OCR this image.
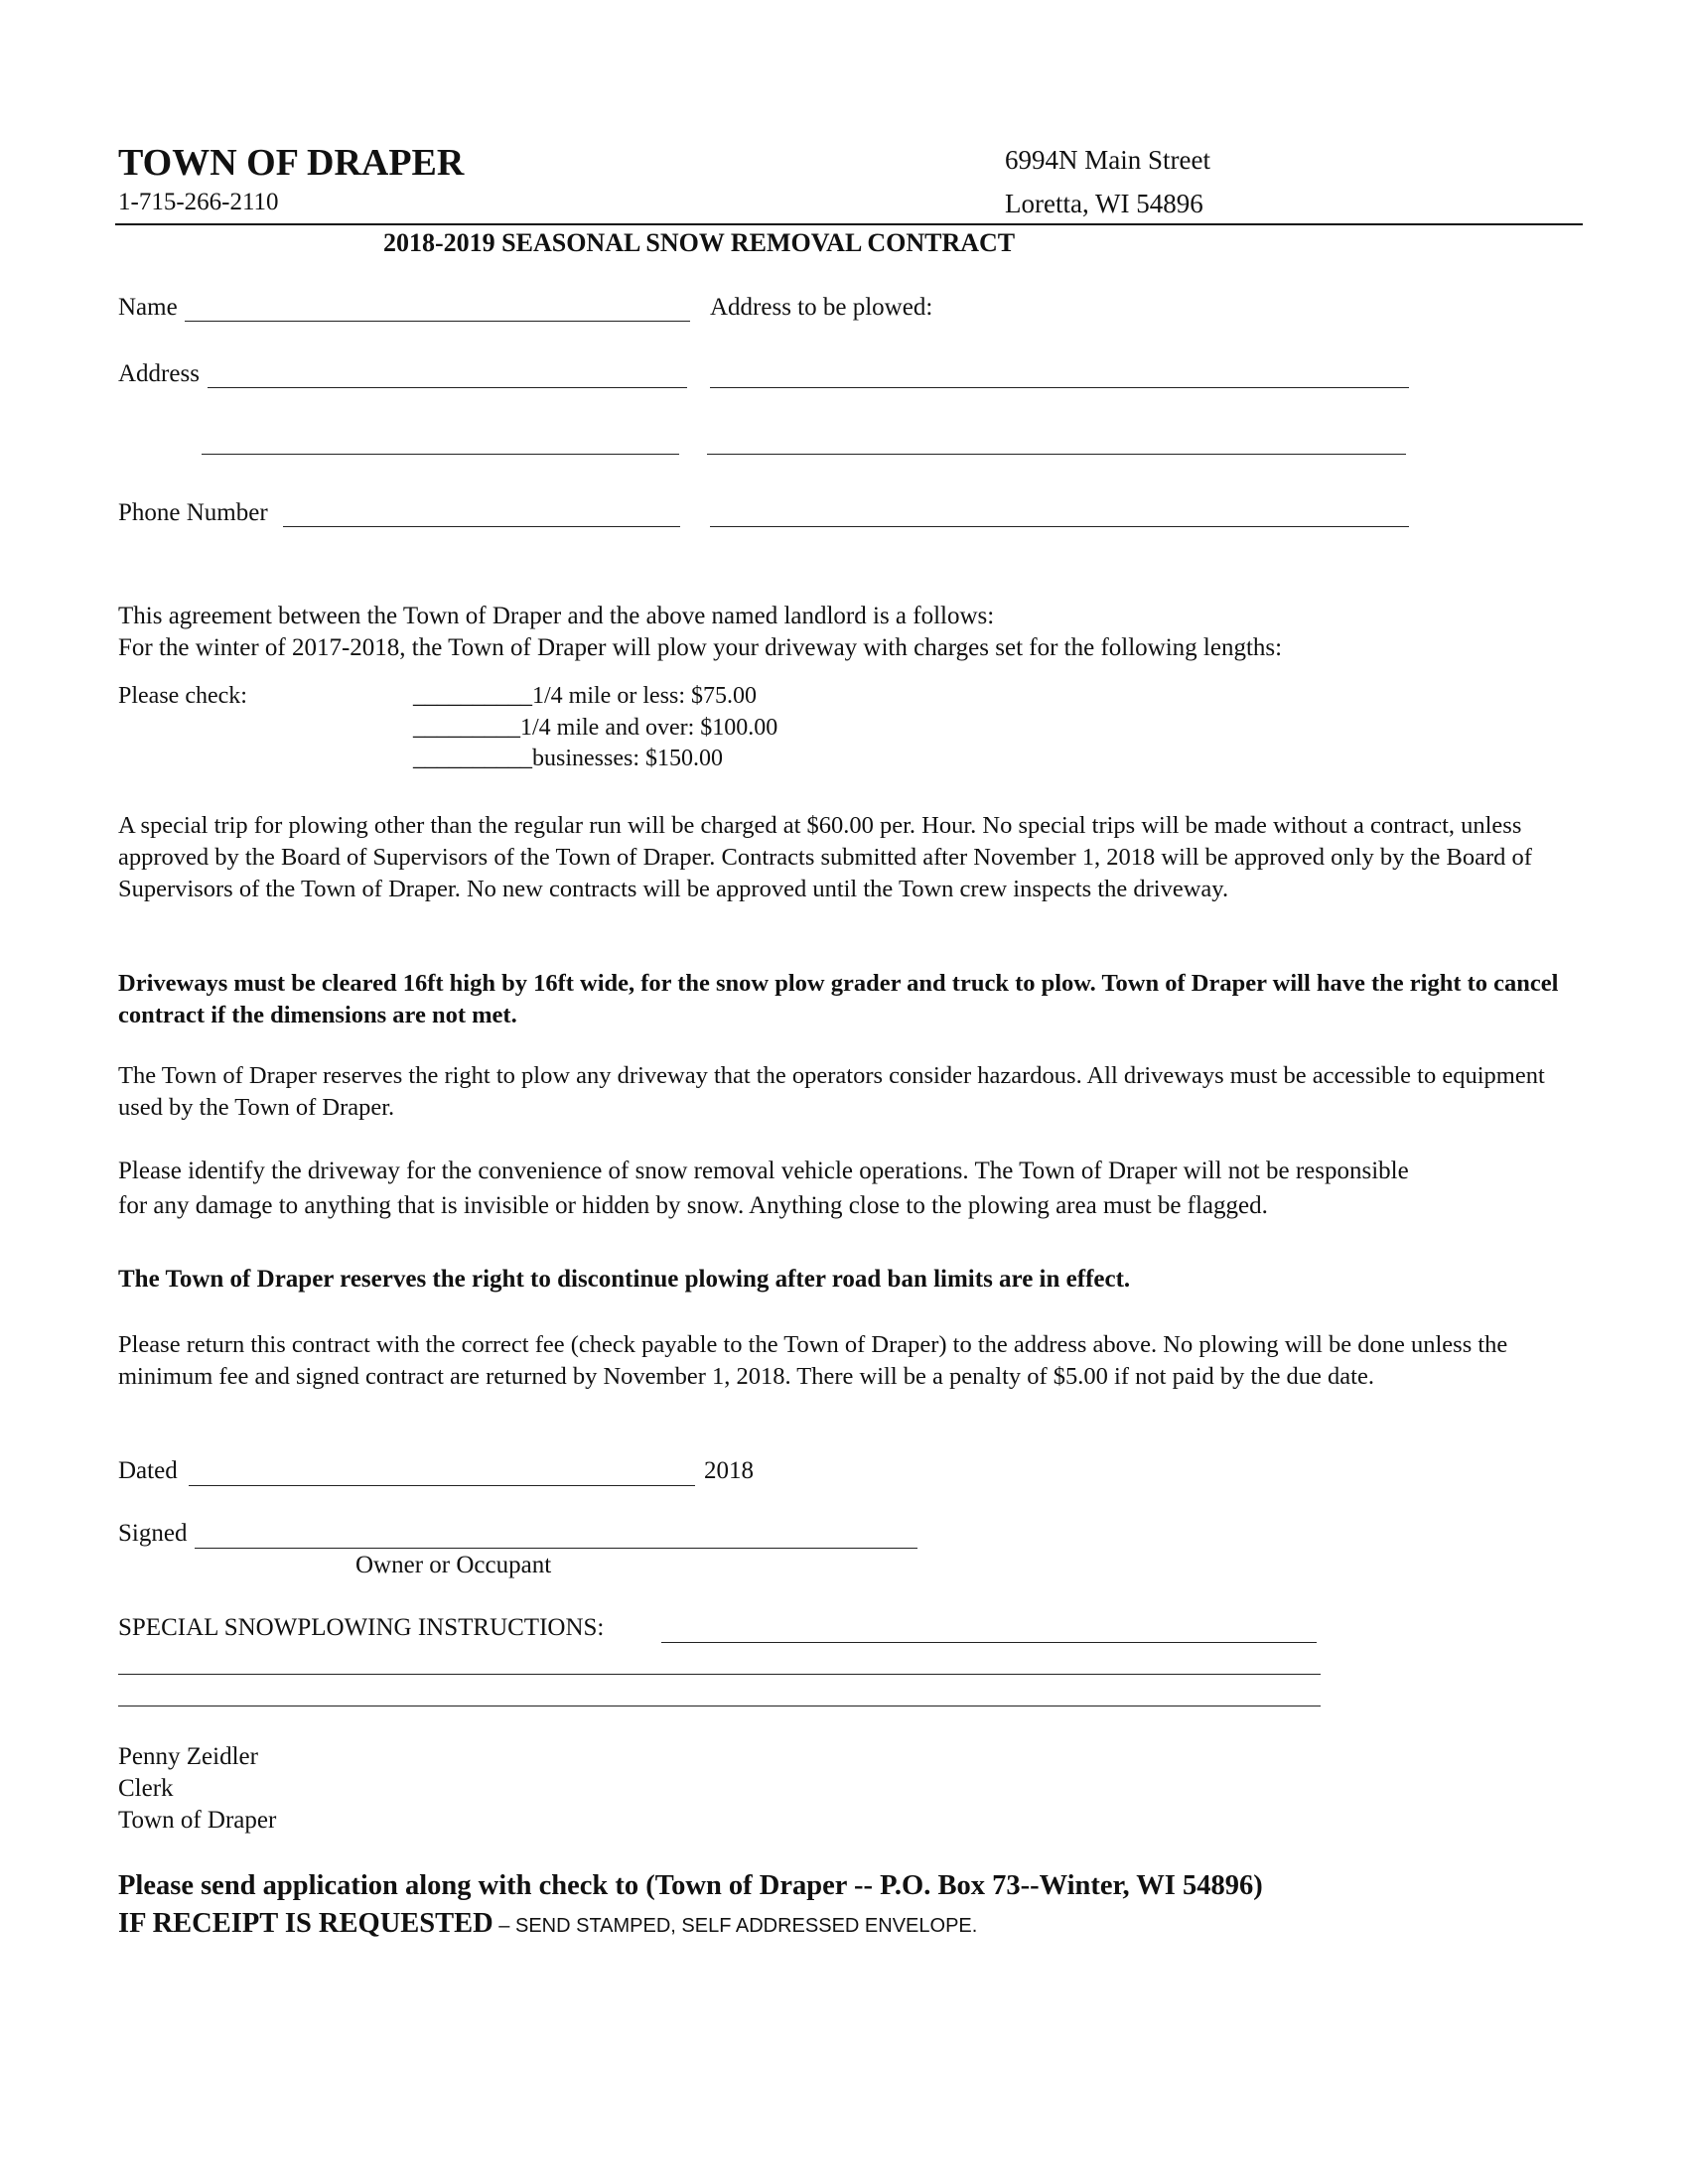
TOWN OF DRAPER
1-715-266-2110
6994N Main Street
Loretta, WI 54896
2018-2019 SEASONAL SNOW REMOVAL CONTRACT
Name	Address to be plowed:
Address
Phone Number
This agreement between the Town of Draper and the above named landlord is a follows:
For the winter of 2017-2018, the Town of Draper will plow your driveway with charges set for the following lengths:
Please check:	__________1/4 mile or less: $75.00
_________1/4 mile and over: $100.00
__________businesses: $150.00
A special trip for plowing other than the regular run will be charged at $60.00 per. Hour. No special trips will be made without a contract, unless approved by the Board of Supervisors of the Town of Draper. Contracts submitted after November 1, 2018 will be approved only by the Board of Supervisors of the Town of Draper. No new contracts will be approved until the Town crew inspects the driveway.
Driveways must be cleared 16ft high by 16ft wide, for the snow plow grader and truck to plow. Town of Draper will have the right to cancel contract if the dimensions are not met.
The Town of Draper reserves the right to plow any driveway that the operators consider hazardous. All driveways must be accessible to equipment used by the Town of Draper.
Please identify the driveway for the convenience of snow removal vehicle operations. The Town of Draper will not be responsible
for any damage to anything that is invisible or hidden by snow. Anything close to the plowing area must be flagged.
The Town of Draper reserves the right to discontinue plowing after road ban limits are in effect.
Please return this contract with the correct fee (check payable to the Town of Draper) to the address above. No plowing will be done unless the minimum fee and signed contract are returned by November 1, 2018. There will be a penalty of $5.00 if not paid by the due date.
Dated	2018
Signed
Owner or Occupant
SPECIAL SNOWPLOWING INSTRUCTIONS:
Penny Zeidler
Clerk
Town of Draper
Please send application along with check to (Town of Draper -- P.O. Box 73--Winter, WI 54896)
IF RECEIPT IS REQUESTED – SEND STAMPED, SELF ADDRESSED ENVELOPE.
